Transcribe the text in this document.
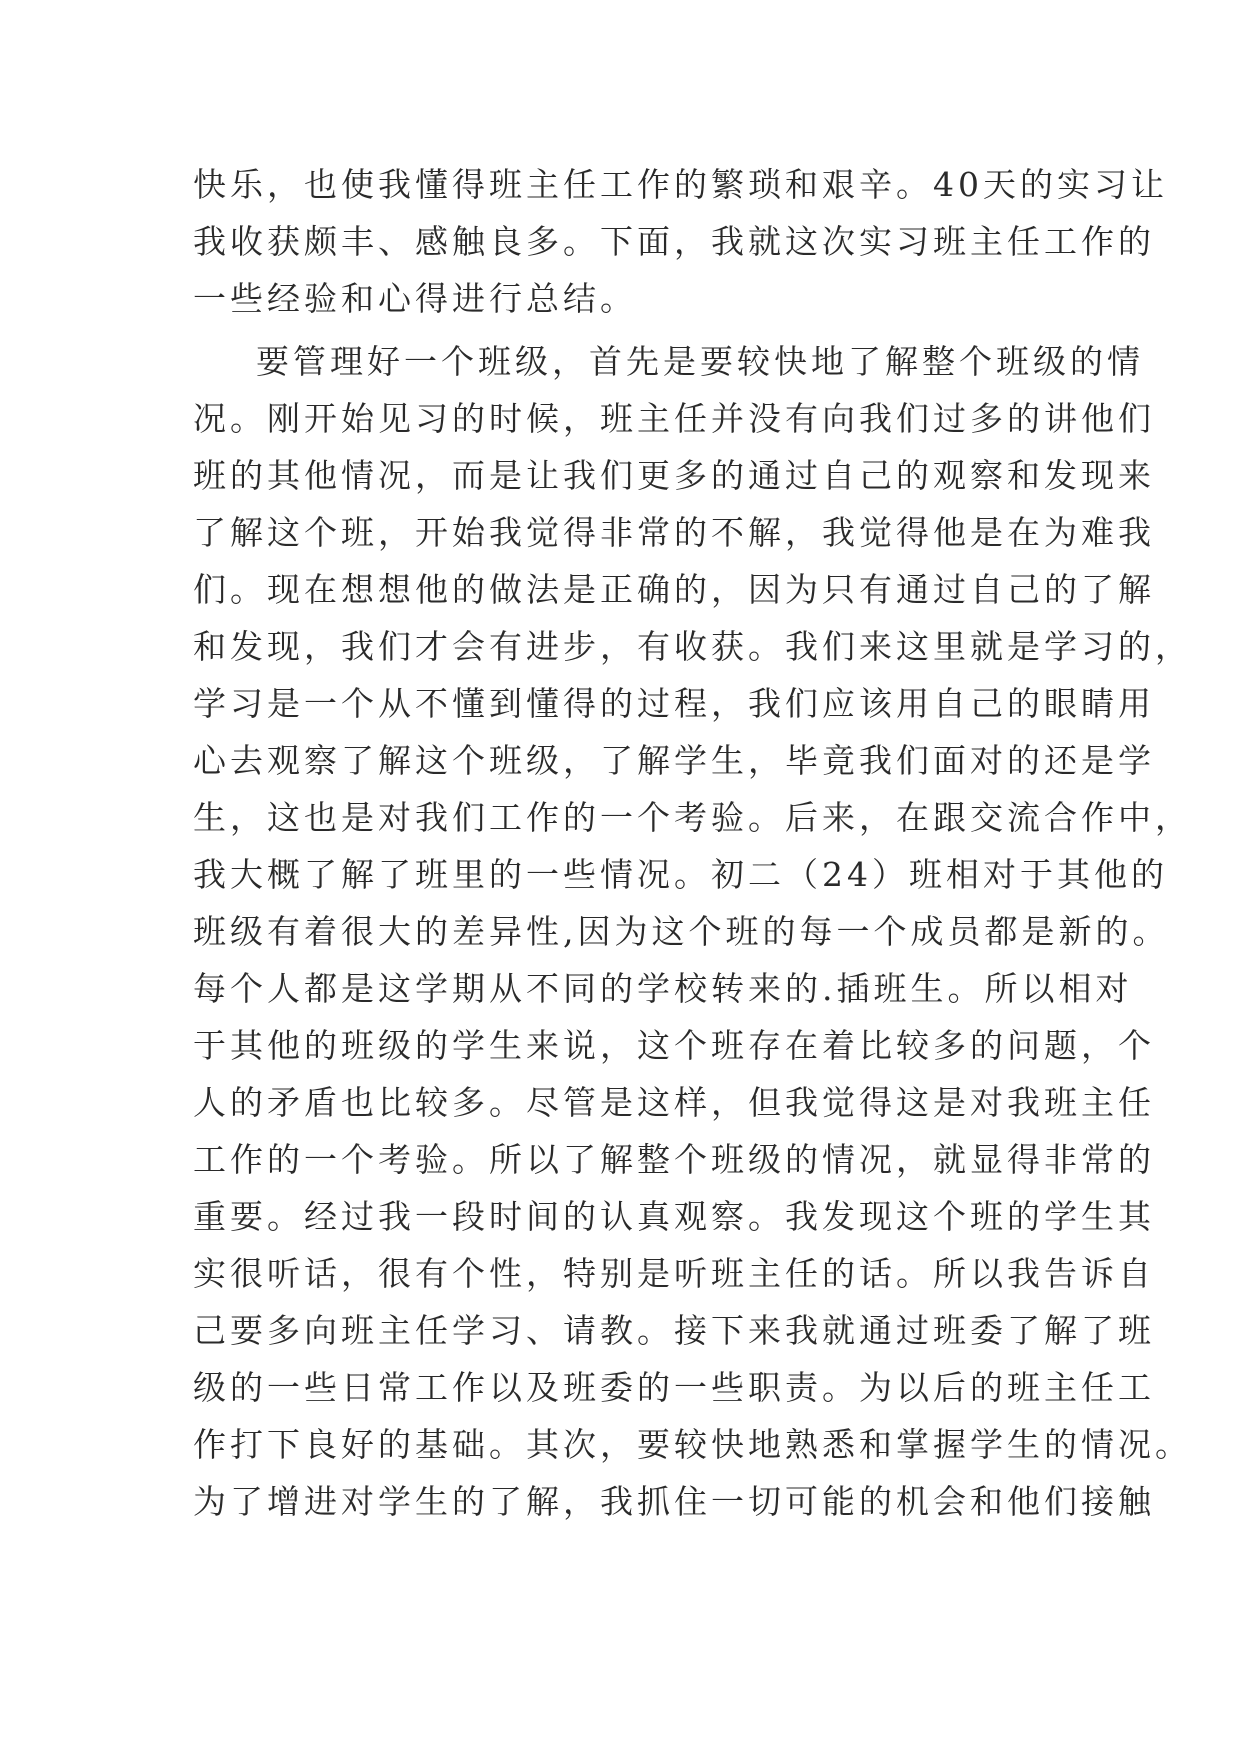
快乐，也使我懂得班主任工作的繁琐和艰辛。40天的实习让
我收获颇丰、感触良多。下面，我就这次实习班主任工作的
一些经验和心得进行总结。
要管理好一个班级，首先是要较快地了解整个班级的情
况。刚开始见习的时候，班主任并没有向我们过多的讲他们
班的其他情况，而是让我们更多的通过自己的观察和发现来
了解这个班，开始我觉得非常的不解，我觉得他是在为难我
们。现在想想他的做法是正确的，因为只有通过自己的了解
和发现，我们才会有进步，有收获。我们来这里就是学习的，
学习是一个从不懂到懂得的过程，我们应该用自己的眼睛用
心去观察了解这个班级，了解学生，毕竟我们面对的还是学
生，这也是对我们工作的一个考验。后来，在跟交流合作中，
我大概了解了班里的一些情况。初二（24）班相对于其他的
班级有着很大的差异性,因为这个班的每一个成员都是新的。
每个人都是这学期从不同的学校转来的.插班生。所以相对
于其他的班级的学生来说，这个班存在着比较多的问题，个
人的矛盾也比较多。尽管是这样，但我觉得这是对我班主任
工作的一个考验。所以了解整个班级的情况，就显得非常的
重要。经过我一段时间的认真观察。我发现这个班的学生其
实很听话，很有个性，特别是听班主任的话。所以我告诉自
己要多向班主任学习、请教。接下来我就通过班委了解了班
级的一些日常工作以及班委的一些职责。为以后的班主任工
作打下良好的基础。其次，要较快地熟悉和掌握学生的情况。
为了增进对学生的了解，我抓住一切可能的机会和他们接触
